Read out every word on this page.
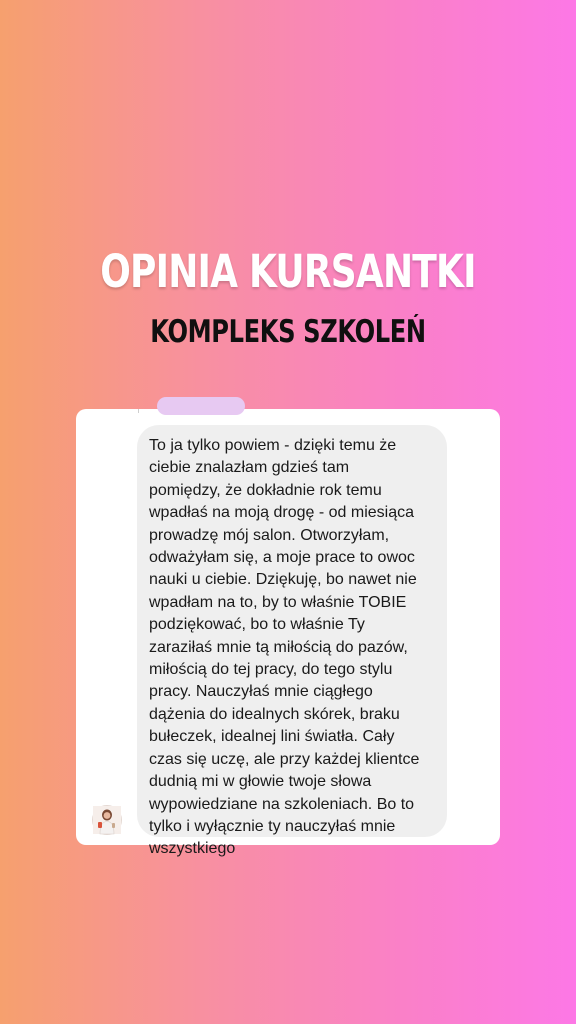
OPINIA KURSANTKI
KOMPLEKS SZKOLEŃ

To ja tylko powiem - dzięki temu że
ciebie znalazłam gdzieś tam
pomiędzy, że dokładnie rok temu
wpadłaś na moją drogę - od miesiąca
prowadzę mój salon. Otworzyłam,
odważyłam się, a moje prace to owoc
nauki u ciebie. Dziękuję, bo nawet nie
wpadłam na to, by to właśnie TOBIE
podziękować, bo to właśnie Ty
zaraziłaś mnie tą miłością do pazów,
miłością do tej pracy, do tego stylu
pracy. Nauczyłaś mnie ciągłego
dążenia do idealnych skórek, braku
bułeczek, idealnej lini światła. Cały
czas się uczę, ale przy każdej klientce
dudnią mi w głowie twoje słowa
wypowiedziane na szkoleniach. Bo to
tylko i wyłącznie ty nauczyłaś mnie
wszystkiego
